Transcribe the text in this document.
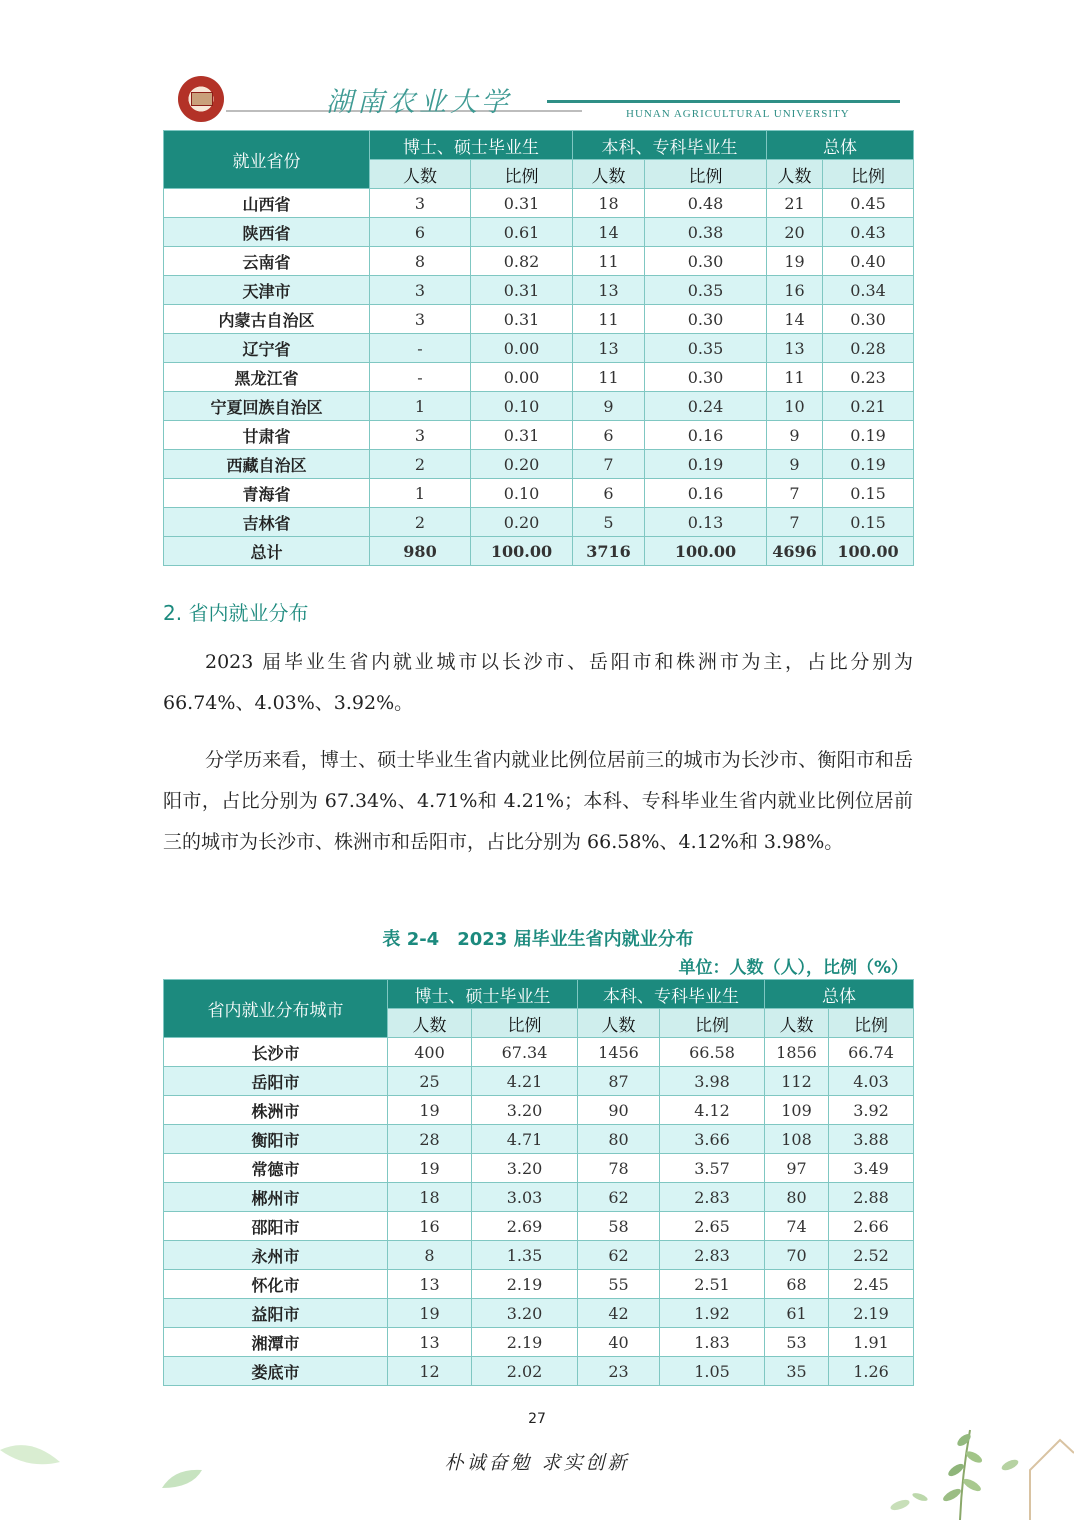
湖南农业大学	HUNAN AGRICULTURAL UNIVERSITY
就业省份	博士、硕士毕业生		本科、专科毕业生		总体	
	人数	比例	人数	比例	人数	比例
山西省	3	0.31	18	0.48	21	0.45
陕西省	6	0.61	14	0.38	20	0.43
云南省	8	0.82	11	0.30	19	0.40
天津市	3	0.31	13	0.35	16	0.34
内蒙古自治区	3	0.31	11	0.30	14	0.30
辽宁省	-	0.00	13	0.35	13	0.28
黑龙江省	-	0.00	11	0.30	11	0.23
宁夏回族自治区	1	0.10	9	0.24	10	0.21
甘肃省	3	0.31	6	0.16	9	0.19
西藏自治区	2	0.20	7	0.19	9	0.19
青海省	1	0.10	6	0.16	7	0.15
吉林省	2	0.20	5	0.13	7	0.15
总计	980	100.00	3716	100.00	4696	100.00
2. 省内就业分布
2023 届毕业生省内就业城市以长沙市、岳阳市和株洲市为主，占比分别为 66.74%、4.03%、3.92%。
分学历来看，博士、硕士毕业生省内就业比例位居前三的城市为长沙市、衡阳市和岳阳市，占比分别为 67.34%、4.71%和 4.21%；本科、专科毕业生省内就业比例位居前三的城市为长沙市、株洲市和岳阳市，占比分别为 66.58%、4.12%和 3.98%。
表 2-4　2023 届毕业生省内就业分布
单位：人数（人），比例（%）
省内就业分布城市	博士、硕士毕业生		本科、专科毕业生		总体	
	人数	比例	人数	比例	人数	比例
长沙市	400	67.34	1456	66.58	1856	66.74
岳阳市	25	4.21	87	3.98	112	4.03
株洲市	19	3.20	90	4.12	109	3.92
衡阳市	28	4.71	80	3.66	108	3.88
常德市	19	3.20	78	3.57	97	3.49
郴州市	18	3.03	62	2.83	80	2.88
邵阳市	16	2.69	58	2.65	74	2.66
永州市	8	1.35	62	2.83	70	2.52
怀化市	13	2.19	55	2.51	68	2.45
益阳市	19	3.20	42	1.92	61	2.19
湘潭市	13	2.19	40	1.83	53	1.91
娄底市	12	2.02	23	1.05	35	1.26
27
朴诚奋勉 求实创新
